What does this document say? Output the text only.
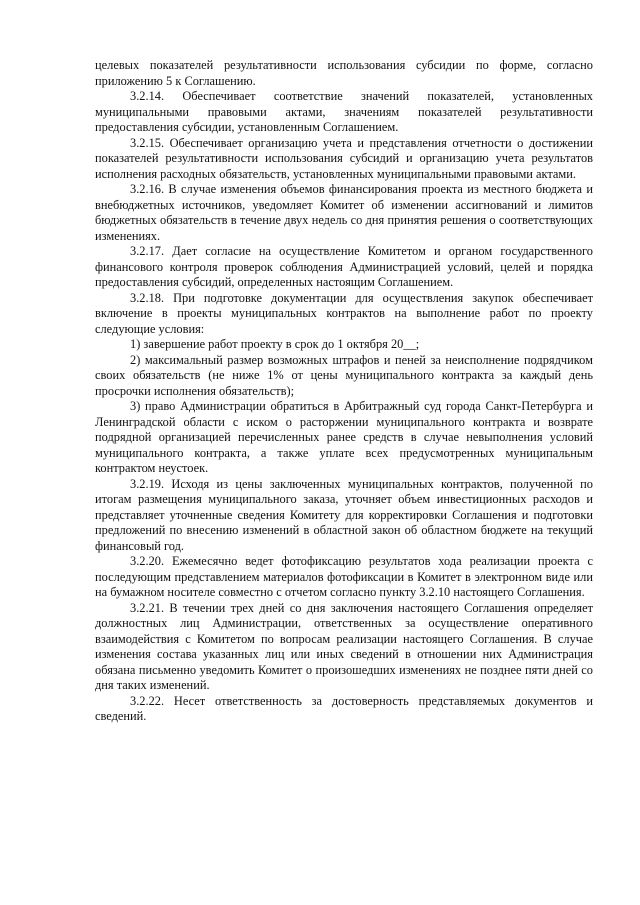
целевых показателей результативности использования субсидии по форме, согласно приложению 5 к Соглашению.

3.2.14. Обеспечивает соответствие значений показателей, установленных муниципальными правовыми актами, значениям показателей результативности предоставления субсидии, установленным Соглашением.

3.2.15. Обеспечивает организацию учета и представления отчетности о достижении показателей результативности использования субсидий и организацию учета результатов исполнения расходных обязательств, установленных муниципальными правовыми актами.

3.2.16. В случае изменения объемов финансирования проекта из местного бюджета и внебюджетных источников, уведомляет Комитет об изменении ассигнований и лимитов бюджетных обязательств в течение двух недель со дня принятия решения о соответствующих изменениях.

3.2.17. Дает согласие на осуществление Комитетом и органом государственного финансового контроля проверок соблюдения Администрацией условий, целей и порядка предоставления субсидий, определенных настоящим Соглашением.

3.2.18. При подготовке документации для осуществления закупок обеспечивает включение в проекты муниципальных контрактов на выполнение работ по проекту следующие условия:

1) завершение работ проекту в срок до 1 октября 20__;

2) максимальный размер возможных штрафов и пеней за неисполнение подрядчиком своих обязательств (не ниже 1% от цены муниципального контракта за каждый день просрочки исполнения обязательств);

3) право Администрации обратиться в Арбитражный суд города Санкт-Петербурга и Ленинградской области с иском о расторжении муниципального контракта и возврате подрядной организацией перечисленных ранее средств в случае невыполнения условий муниципального контракта, а также уплате всех предусмотренных муниципальным контрактом неустоек.

3.2.19. Исходя из цены заключенных муниципальных контрактов, полученной по итогам размещения муниципального заказа, уточняет объем инвестиционных расходов и представляет уточненные сведения Комитету для корректировки Соглашения и подготовки предложений по внесению изменений в областной закон об областном бюджете на текущий финансовый год.

3.2.20. Ежемесячно ведет фотофиксацию результатов хода реализации проекта с последующим представлением материалов фотофиксации в Комитет в электронном виде или на бумажном носителе совместно с отчетом согласно пункту 3.2.10 настоящего Соглашения.

3.2.21. В течении трех дней со дня заключения настоящего Соглашения определяет должностных лиц Администрации, ответственных за осуществление оперативного взаимодействия с Комитетом по вопросам реализации настоящего Соглашения. В случае изменения состава указанных лиц или иных сведений в отношении них Администрация обязана письменно уведомить Комитет о произошедших изменениях не позднее пяти дней со дня таких изменений.

3.2.22. Несет ответственность за достоверность представляемых документов и сведений.
